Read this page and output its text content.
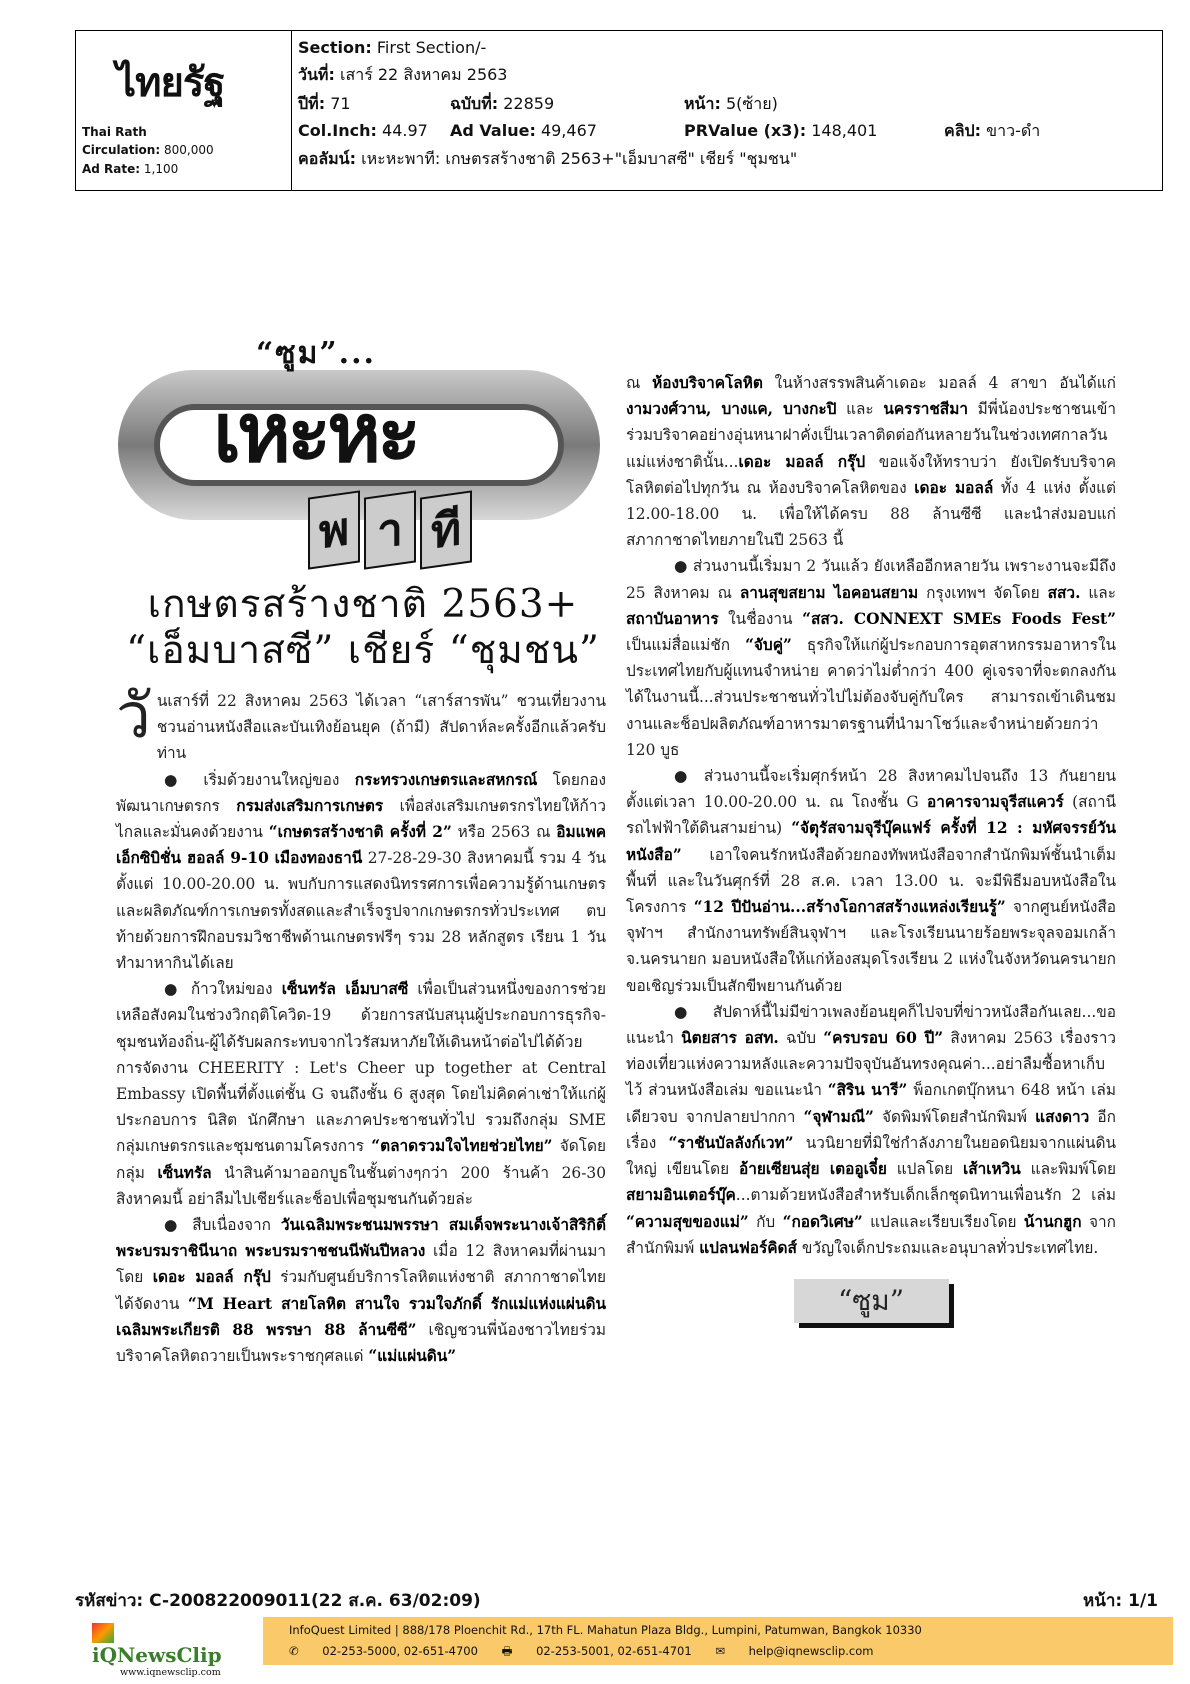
ไทยรัฐ
Thai Rath
Circulation: 800,000
Ad Rate: 1,100
Section: First Section/-
วันที่: เสาร์ 22 สิงหาคม 2563
ปีที่: 71	ฉบับที่: 22859	หน้า: 5(ซ้าย)
Col.Inch: 44.97 Ad Value: 49,467	PRValue (x3): 148,401	คลิป: ขาว-ดำ
คอลัมน์: เหะหะพาที: เกษตรสร้างชาติ 2563+"เอ็มบาสซี" เชียร์ "ชุมชน"
“ซูม”...
เหะหะ
พ า ที
เกษตรสร้างชาติ 2563+
“เอ็มบาสซี” เชียร์ “ชุมชน”

วันเสาร์ที่ 22 สิงหาคม 2563 ได้เวลา “เสาร์สารพัน” ชวนเที่ยวงาน ชวนอ่านหนังสือและบันเทิงย้อนยุค (ถ้ามี) สัปดาห์ละครั้งอีกแล้วครับท่าน

● เริ่มด้วยงานใหญ่ของ กระทรวงเกษตรและสหกรณ์ โดยกองพัฒนาเกษตรกร กรมส่งเสริมการเกษตร เพื่อส่งเสริมเกษตรกรไทยให้ก้าวไกลและมั่นคงด้วยงาน “เกษตรสร้างชาติ ครั้งที่ 2” หรือ 2563 ณ อิมแพค เอ็กซิบิชั่น ฮอลล์ 9-10 เมืองทองธานี 27-28-29-30 สิงหาคมนี้ รวม 4 วัน ตั้งแต่ 10.00-20.00 น. พบกับการแสดงนิทรรศการเพื่อความรู้ด้านเกษตร และผลิตภัณฑ์การเกษตรทั้งสดและสำเร็จรูปจากเกษตรกรทั่วประเทศ ตบท้ายด้วยการฝึกอบรมวิชาชีพด้านเกษตรฟรีๆ รวม 28 หลักสูตร เรียน 1 วัน ทำมาหากินได้เลย

● ก้าวใหม่ของ เซ็นทรัล เอ็มบาสซี เพื่อเป็นส่วนหนึ่งของการช่วยเหลือสังคมในช่วงวิกฤติโควิด-19 ด้วยการสนับสนุนผู้ประกอบการธุรกิจ-ชุมชนท้องถิ่น-ผู้ได้รับผลกระทบจากไวรัสมหาภัยให้เดินหน้าต่อไปได้ด้วยการจัดงาน CHEERITY : Let's Cheer up together at Central Embassy เปิดพื้นที่ตั้งแต่ชั้น G จนถึงชั้น 6 สูงสุด โดยไม่คิดค่าเช่าให้แก่ผู้ประกอบการ นิสิต นักศึกษา และภาคประชาชนทั่วไป รวมถึงกลุ่ม SME กลุ่มเกษตรกรและชุมชนตามโครงการ “ตลาดรวมใจไทยช่วยไทย” จัดโดยกลุ่ม เซ็นทรัล นำสินค้ามาออกบูธในชั้นต่างๆกว่า 200 ร้านค้า 26-30 สิงหาคมนี้ อย่าลืมไปเชียร์และช็อปเพื่อชุมชนกันด้วยล่ะ

● สืบเนื่องจาก วันเฉลิมพระชนมพรรษา สมเด็จพระนางเจ้าสิริกิติ์ พระบรมราชินีนาถ พระบรมราชชนนีพันปีหลวง เมื่อ 12 สิงหาคมที่ผ่านมา โดย เดอะ มอลล์ กรุ๊ป ร่วมกับศูนย์บริการโลหิตแห่งชาติ สภากาชาดไทย ได้จัดงาน “M Heart สายโลหิต สานใจ รวมใจภักดิ์ รักแม่แห่งแผ่นดิน เฉลิมพระเกียรติ 88 พรรษา 88 ล้านซีซี” เชิญชวนพี่น้องชาวไทยร่วมบริจาคโลหิตถวายเป็นพระราชกุศลแด่ “แม่แผ่นดิน”

ณ ห้องบริจาคโลหิต ในห้างสรรพสินค้าเดอะ มอลล์ 4 สาขา อันได้แก่ งามวงศ์วาน, บางแค, บางกะปิ และ นครราชสีมา มีพี่น้องประชาชนเข้าร่วมบริจาคอย่างอุ่นหนาฝาคั่งเป็นเวลาติดต่อกันหลายวันในช่วงเทศกาลวันแม่แห่งชาตินั้น...เดอะ มอลล์ กรุ๊ป ขอแจ้งให้ทราบว่า ยังเปิดรับบริจาคโลหิตต่อไปทุกวัน ณ ห้องบริจาคโลหิตของ เดอะ มอลล์ ทั้ง 4 แห่ง ตั้งแต่ 12.00-18.00 น. เพื่อให้ได้ครบ 88 ล้านซีซี และนำส่งมอบแก่สภากาชาดไทยภายในปี 2563 นี้

● ส่วนงานนี้เริ่มมา 2 วันแล้ว ยังเหลืออีกหลายวัน เพราะงานจะมีถึง 25 สิงหาคม ณ ลานสุขสยาม ไอคอนสยาม กรุงเทพฯ จัดโดย สสว. และ สถาบันอาหาร ในชื่องาน “สสว. CONNEXT SMEs Foods Fest” เป็นแม่สื่อแม่ชัก “จับคู่” ธุรกิจให้แก่ผู้ประกอบการอุตสาหกรรมอาหารในประเทศไทยกับผู้แทนจำหน่าย คาดว่าไม่ต่ำกว่า 400 คู่เจรจาที่จะตกลงกันได้ในงานนี้...ส่วนประชาชนทั่วไปไม่ต้องจับคู่กับใคร สามารถเข้าเดินชมงานและช็อปผลิตภัณฑ์อาหารมาตรฐานที่นำมาโชว์และจำหน่ายด้วยกว่า 120 บูธ

● ส่วนงานนี้จะเริ่มศุกร์หน้า 28 สิงหาคมไปจนถึง 13 กันยายน ตั้งแต่เวลา 10.00-20.00 น. ณ โถงชั้น G อาคารจามจุรีสแควร์ (สถานีรถไฟฟ้าใต้ดินสามย่าน) “จัตุรัสจามจุรีบุ๊คแฟร์ ครั้งที่ 12 : มหัศจรรย์วันหนังสือ” เอาใจคนรักหนังสือด้วยกองทัพหนังสือจากสำนักพิมพ์ชั้นนำเต็มพื้นที่ และในวันศุกร์ที่ 28 ส.ค. เวลา 13.00 น. จะมีพิธีมอบหนังสือในโครงการ “12 ปีปันอ่าน...สร้างโอกาสสร้างแหล่งเรียนรู้” จากศูนย์หนังสือจุฬาฯ สำนักงานทรัพย์สินจุฬาฯ และโรงเรียนนายร้อยพระจุลจอมเกล้า จ.นครนายก มอบหนังสือให้แก่ห้องสมุดโรงเรียน 2 แห่งในจังหวัดนครนายก ขอเชิญร่วมเป็นสักขีพยานกันด้วย

● สัปดาห์นี้ไม่มีข่าวเพลงย้อนยุคก็ไปจบที่ข่าวหนังสือกันเลย...ขอแนะนำ นิตยสาร อสท. ฉบับ “ครบรอบ 60 ปี” สิงหาคม 2563 เรื่องราวท่องเที่ยวแห่งความหลังและความปัจจุบันอันทรงคุณค่า...อย่าลืมซื้อหาเก็บไว้ ส่วนหนังสือเล่ม ขอแนะนำ “สิริน นารี” พ็อกเกตบุ๊กหนา 648 หน้า เล่มเดียวจบ จากปลายปากกา “จุฬามณี” จัดพิมพ์โดยสำนักพิมพ์ แสงดาว อีกเรื่อง “ราชันบัลลังก์เวท” นวนิยายที่มิใช่กำลังภายในยอดนิยมจากแผ่นดินใหญ่ เขียนโดย อ้ายเซียนสุ่ย เตออูเจี๋ย แปลโดย เส้าเหวิน และพิมพ์โดย สยามอินเตอร์บุ๊ค...ตามด้วยหนังสือสำหรับเด็กเล็กชุดนิทานเพื่อนรัก 2 เล่ม “ความสุขของแม่” กับ “กอดวิเศษ” แปลและเรียบเรียงโดย น้านกฮูก จากสำนักพิมพ์ แปลนฟอร์คิดส์ ขวัญใจเด็กประถมและอนุบาลทั่วประเทศไทย.

“ซูม”
รหัสข่าว: C-200822009011(22 ส.ค. 63/02:09)	หน้า: 1/1
iQNewsClip
www.iqnewsclip.com
InfoQuest Limited | 888/178 Ploenchit Rd., 17th FL. Mahatun Plaza Bldg., Lumpini, Patumwan, Bangkok 10330
✆ 02-253-5000, 02-651-4700 🖶 02-253-5001, 02-651-4701 ✉ help@iqnewsclip.com
